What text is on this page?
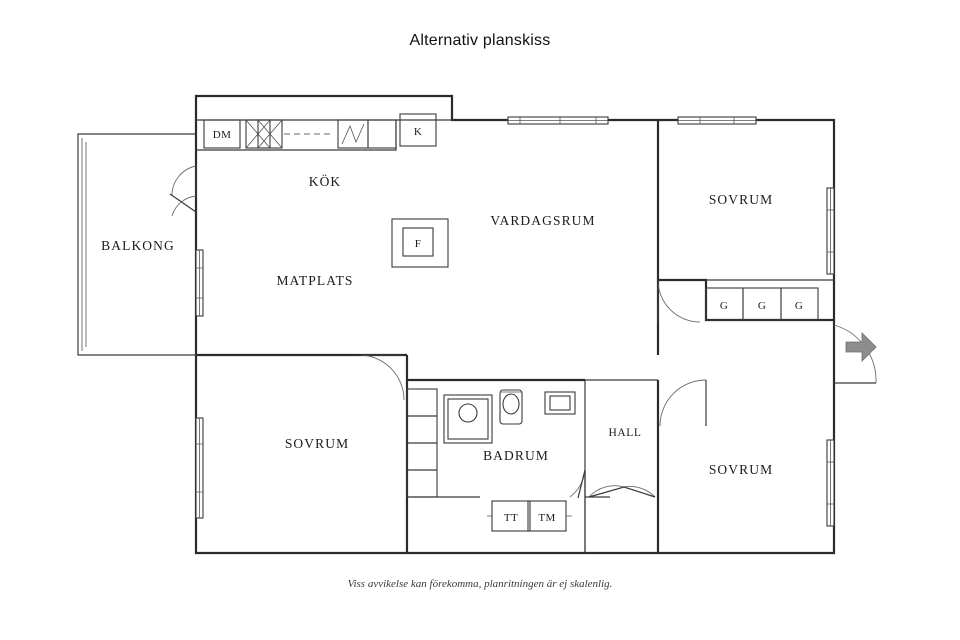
Alternativ planskiss
BALKONG
KÖK
MATPLATS
VARDAGSRUM
SOVRUM
SOVRUM
SOVRUM
BADRUM
HALL
DM	K
F
G	G	G
TT TM
Viss avvikelse kan förekomma, planritningen är ej skalenlig.
